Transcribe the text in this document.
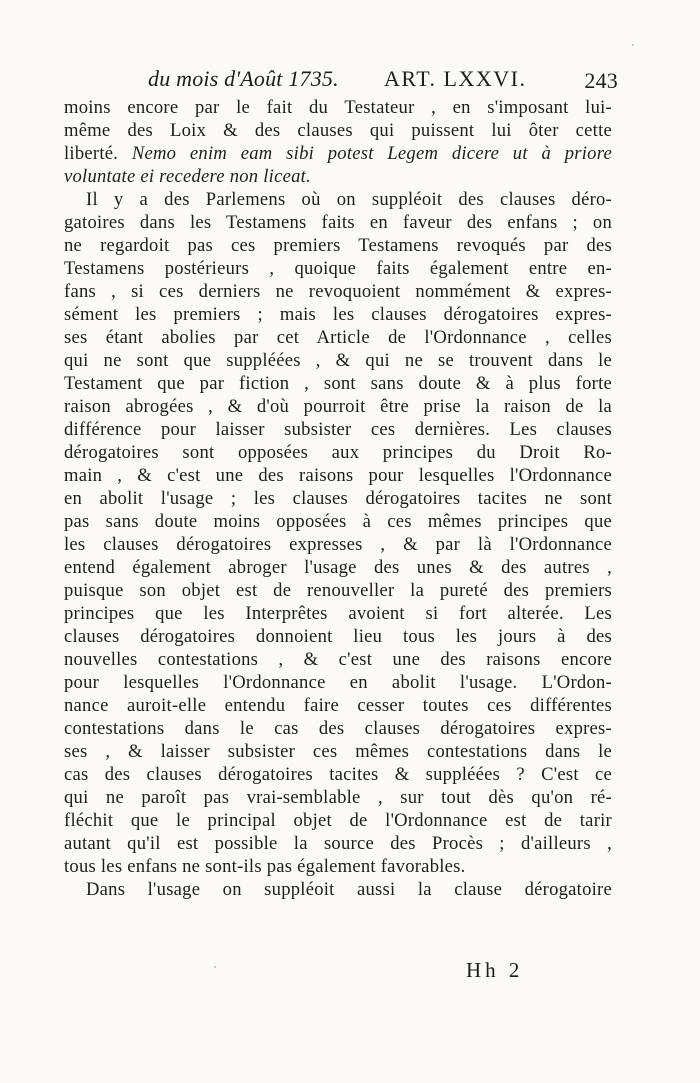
du mois d'Août 1735. ART. LXXVI.	243
moins encore par le fait du Testateur , en s'imposant lui-
même des Loix & des clauses qui puissent lui ôter cette
liberté. Nemo enim eam sibi potest Legem dicere ut à priore
voluntate ei recedere non liceat.
Il y a des Parlemens où on suppléoit des clauses déro-
gatoires dans les Testamens faits en faveur des enfans ; on
ne regardoit pas ces premiers Testamens revoqués par des
Testamens postérieurs , quoique faits également entre en-
fans , si ces derniers ne revoquoient nommément & expres-
sément les premiers ; mais les clauses dérogatoires expres-
ses étant abolies par cet Article de l'Ordonnance , celles
qui ne sont que suppléées , & qui ne se trouvent dans le
Testament que par fiction , sont sans doute & à plus forte
raison abrogées , & d'où pourroit être prise la raison de la
différence pour laisser subsister ces dernières. Les clauses
dérogatoires sont opposées aux principes du Droit Ro-
main , & c'est une des raisons pour lesquelles l'Ordonnance
en abolit l'usage ; les clauses dérogatoires tacites ne sont
pas sans doute moins opposées à ces mêmes principes que
les clauses dérogatoires expresses , & par là l'Ordonnance
entend également abroger l'usage des unes & des autres ,
puisque son objet est de renouveller la pureté des premiers
principes que les Interprêtes avoient si fort alterée. Les
clauses dérogatoires donnoient lieu tous les jours à des
nouvelles contestations , & c'est une des raisons encore
pour lesquelles l'Ordonnance en abolit l'usage. L'Ordon-
nance auroit-elle entendu faire cesser toutes ces différentes
contestations dans le cas des clauses dérogatoires expres-
ses , & laisser subsister ces mêmes contestations dans le
cas des clauses dérogatoires tacites & suppléées ? C'est ce
qui ne paroît pas vrai-semblable , sur tout dès qu'on ré-
fléchit que le principal objet de l'Ordonnance est de tarir
autant qu'il est possible la source des Procès ; d'ailleurs ,
tous les enfans ne sont-ils pas également favorables.
Dans l'usage on suppléoit aussi la clause dérogatoire
Hh 2
